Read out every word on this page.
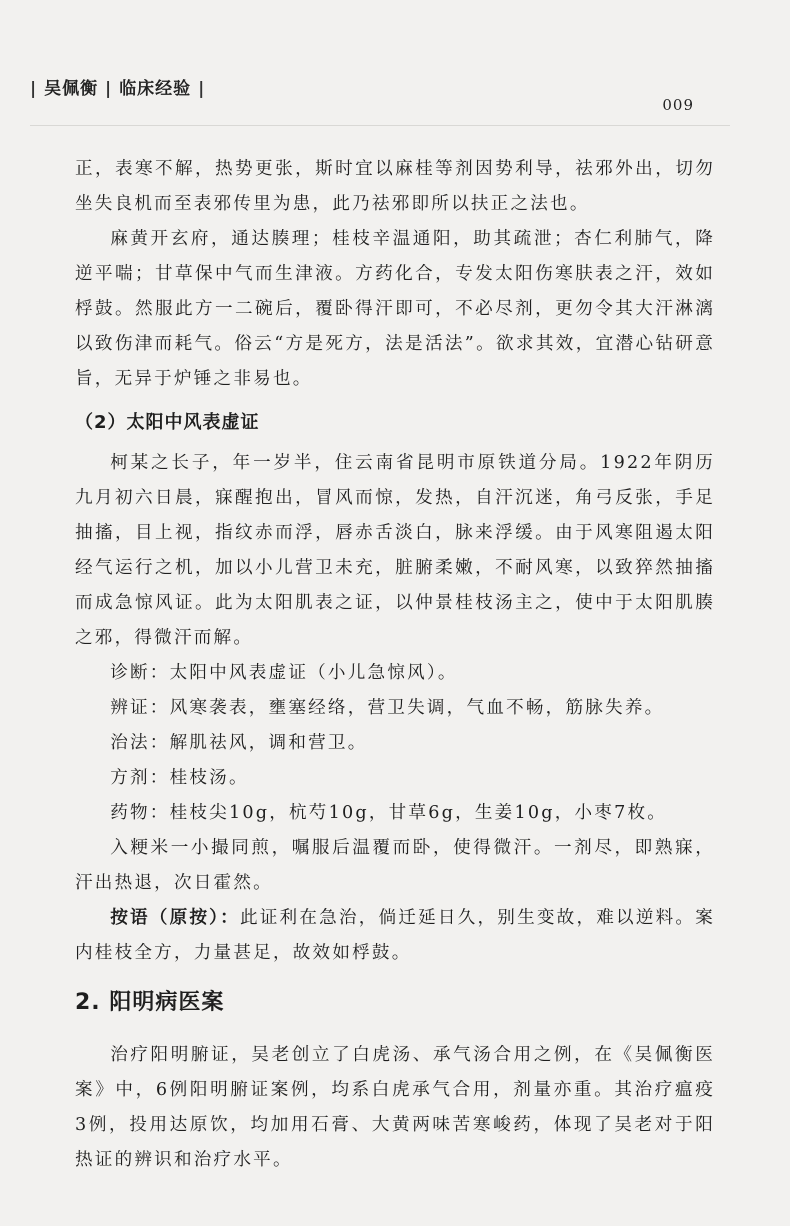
| 吴佩衡 | 临床经验 |
009

正，表寒不解，热势更张，斯时宜以麻桂等剂因势利导，祛邪外出，切勿坐失良机而至表邪传里为患，此乃祛邪即所以扶正之法也。

麻黄开玄府，通达腠理；桂枝辛温通阳，助其疏泄；杏仁利肺气，降逆平喘；甘草保中气而生津液。方药化合，专发太阳伤寒肤表之汗，效如桴鼓。然服此方一二碗后，覆卧得汗即可，不必尽剂，更勿令其大汗淋漓以致伤津而耗气。俗云“方是死方，法是活法”。欲求其效，宜潜心钻研意旨，无异于炉锤之非易也。

（2）太阳中风表虚证

柯某之长子，年一岁半，住云南省昆明市原铁道分局。1922年阴历九月初六日晨，寐醒抱出，冒风而惊，发热，自汗沉迷，角弓反张，手足抽搐，目上视，指纹赤而浮，唇赤舌淡白，脉来浮缓。由于风寒阻遏太阳经气运行之机，加以小儿营卫未充，脏腑柔嫩，不耐风寒，以致猝然抽搐而成急惊风证。此为太阳肌表之证，以仲景桂枝汤主之，使中于太阳肌腠之邪，得微汗而解。

诊断：太阳中风表虚证（小儿急惊风）。

辨证：风寒袭表，壅塞经络，营卫失调，气血不畅，筋脉失养。

治法：解肌祛风，调和营卫。

方剂：桂枝汤。

药物：桂枝尖10g，杭芍10g，甘草6g，生姜10g，小枣7枚。

入粳米一小撮同煎，嘱服后温覆而卧，使得微汗。一剂尽，即熟寐，汗出热退，次日霍然。

按语（原按）：此证利在急治，倘迁延日久，别生变故，难以逆料。案内桂枝全方，力量甚足，故效如桴鼓。

2. 阳明病医案

治疗阳明腑证，吴老创立了白虎汤、承气汤合用之例，在《吴佩衡医案》中，6例阳明腑证案例，均系白虎承气合用，剂量亦重。其治疗瘟疫3例，投用达原饮，均加用石膏、大黄两味苦寒峻药，体现了吴老对于阳热证的辨识和治疗水平。
